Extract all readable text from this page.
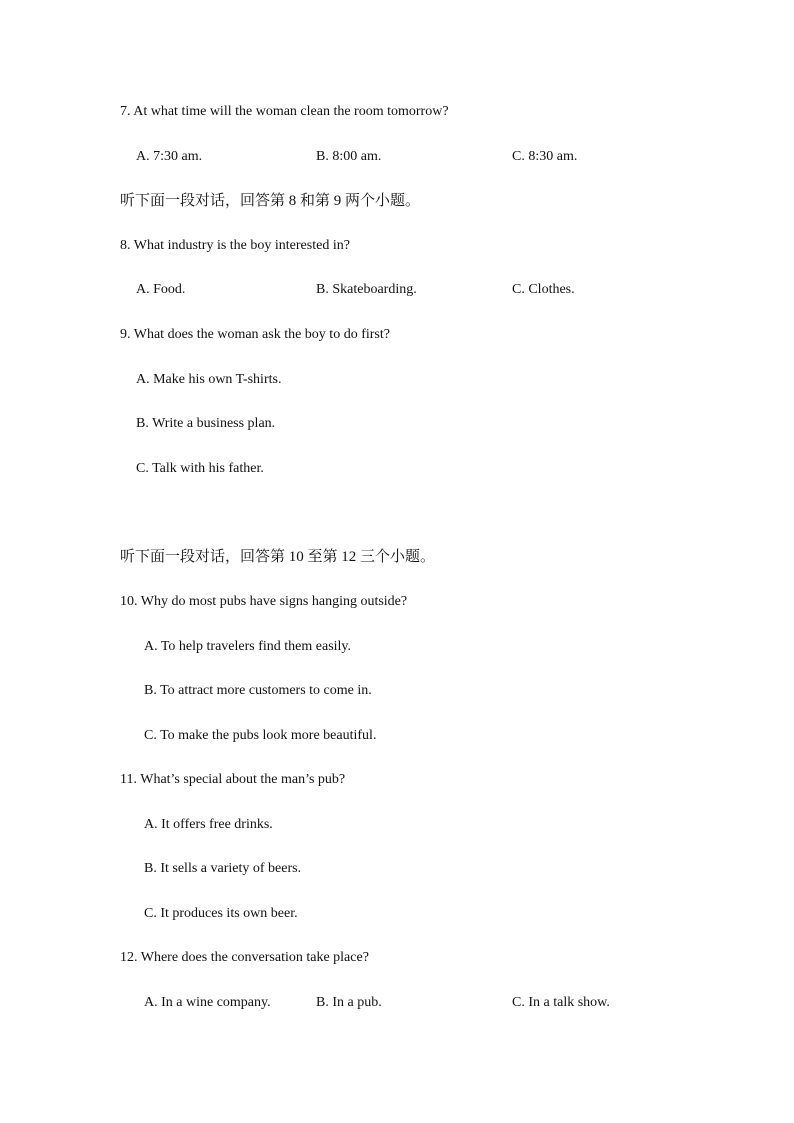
7. At what time will the woman clean the room tomorrow?
A. 7:30 am.	B. 8:00 am.	C. 8:30 am.
听下面一段对话，回答第 8 和第 9 两个小题。
8. What industry is the boy interested in?
A. Food.	B. Skateboarding.	C. Clothes.
9. What does the woman ask the boy to do first?
A. Make his own T-shirts.
B. Write a business plan.
C. Talk with his father.
听下面一段对话，回答第 10 至第 12 三个小题。
10. Why do most pubs have signs hanging outside?
A. To help travelers find them easily.
B. To attract more customers to come in.
C. To make the pubs look more beautiful.
11. What’s special about the man’s pub?
A. It offers free drinks.
B. It sells a variety of beers.
C. It produces its own beer.
12. Where does the conversation take place?
A. In a wine company.	B. In a pub.	C. In a talk show.
